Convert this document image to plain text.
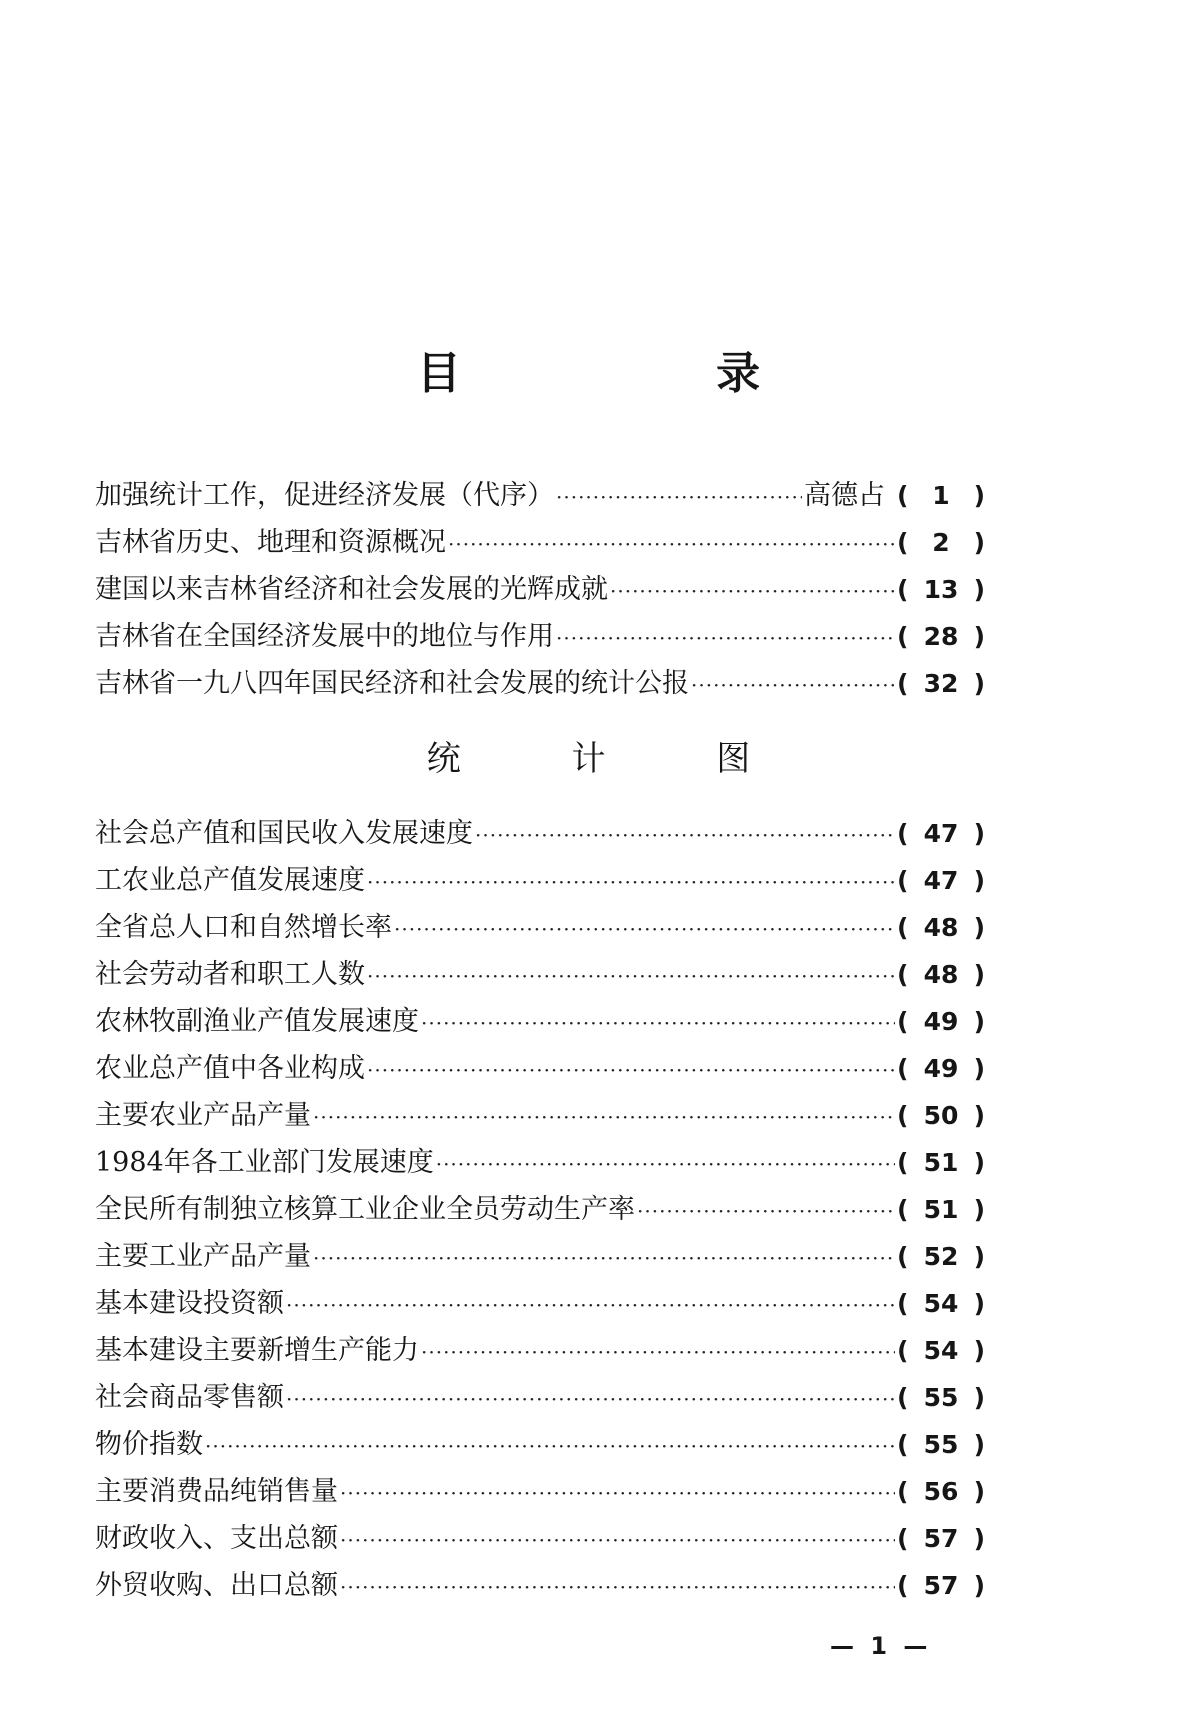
目 录
加强统计工作，促进经济发展（代序） ·····	高德占 ( 1 )
吉林省历史、地理和资源概况 ·····	( 2 )
建国以来吉林省经济和社会发展的光辉成就 ·····	( 13 )
吉林省在全国经济发展中的地位与作用 ·····	( 28 )
吉林省一九八四年国民经济和社会发展的统计公报 ·····	( 32 )
统 计 图
社会总产值和国民收入发展速度 ·····	( 47 )
工农业总产值发展速度 ·····	( 47 )
全省总人口和自然增长率 ·····	( 48 )
社会劳动者和职工人数 ·····	( 48 )
农林牧副渔业产值发展速度 ·····	( 49 )
农业总产值中各业构成 ·····	( 49 )
主要农业产品产量 ·····	( 50 )
1984年各工业部门发展速度 ·····	( 51 )
全民所有制独立核算工业企业全员劳动生产率 ·····	( 51 )
主要工业产品产量 ·····	( 52 )
基本建设投资额 ·····	( 54 )
基本建设主要新增生产能力 ·····	( 54 )
社会商品零售额 ·····	( 55 )
物价指数 ·····	( 55 )
主要消费品纯销售量 ·····	( 56 )
财政收入、支出总额 ·····	( 57 )
外贸收购、出口总额 ·····	( 57 )
— 1 —
